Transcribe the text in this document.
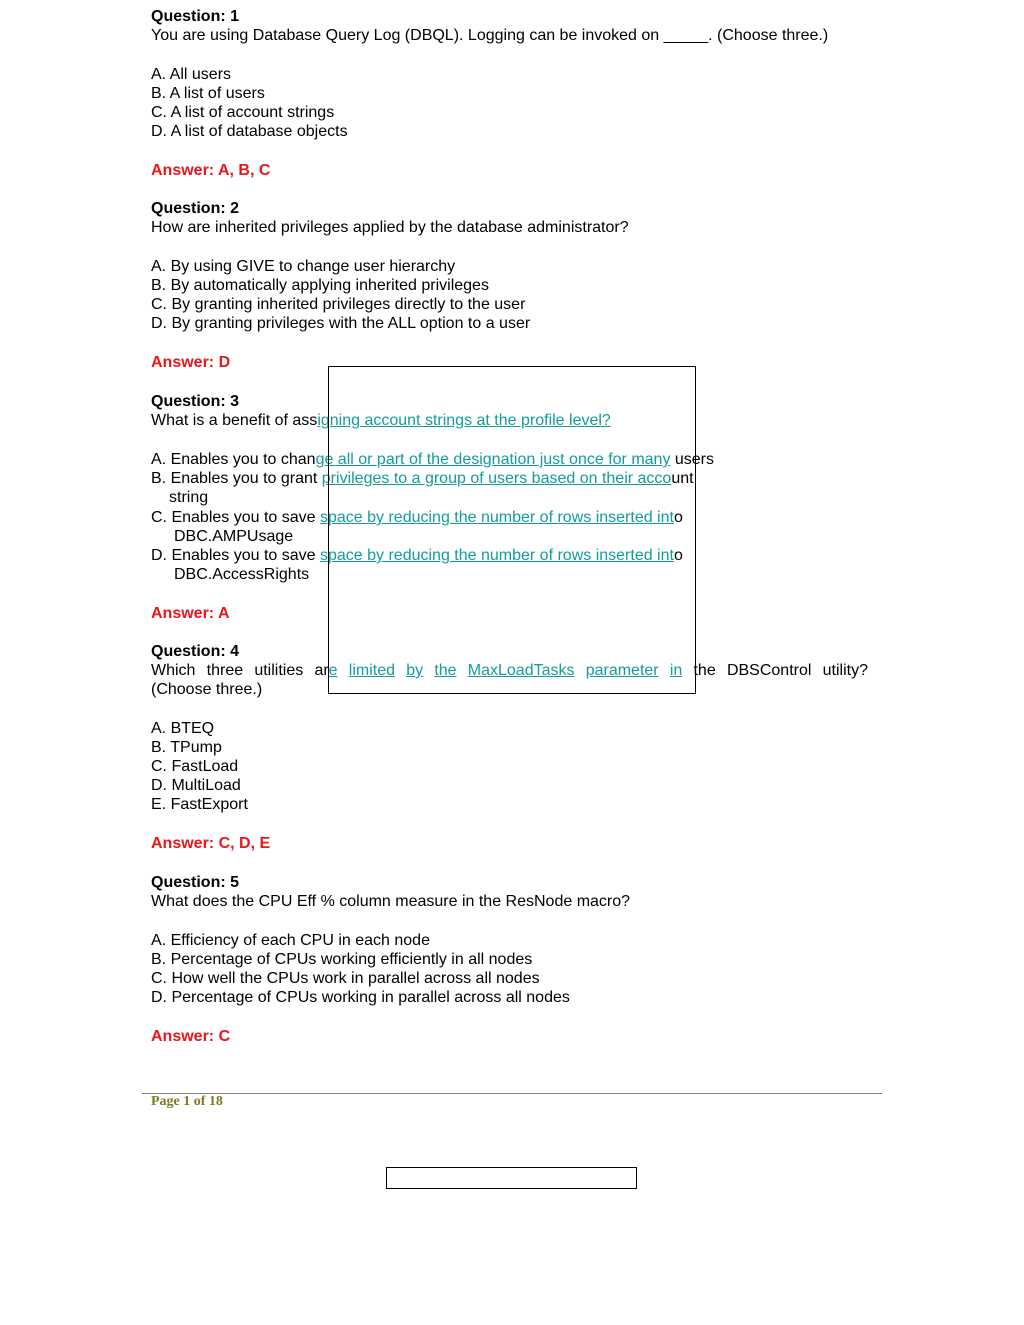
Question: 1
You are using Database Query Log (DBQL). Logging can be invoked on _____. (Choose three.)
A. All users
B. A list of users
C. A list of account strings
D. A list of database objects
Answer: A, B, C
Question: 2
How are inherited privileges applied by the database administrator?
A. By using GIVE to change user hierarchy
B. By automatically applying inherited privileges
C. By granting inherited privileges directly to the user
D. By granting privileges with the ALL option to a user
Answer: D
Question: 3
What is a benefit of assigning account strings at the profile level?
A. Enables you to change all or part of the designation just once for many users
B. Enables you to grant privileges to a group of users based on their account
string
C. Enables you to save space by reducing the number of rows inserted into
DBC.AMPUsage
D. Enables you to save space by reducing the number of rows inserted into
DBC.AccessRights
Answer: A
Question: 4
Which three utilities are limited by the MaxLoadTasks parameter in the DBSControl utility?
(Choose three.)
A. BTEQ
B. TPump
C. FastLoad
D. MultiLoad
E. FastExport
Answer: C, D, E
Question: 5
What does the CPU Eff % column measure in the ResNode macro?
A. Efficiency of each CPU in each node
B. Percentage of CPUs working efficiently in all nodes
C. How well the CPUs work in parallel across all nodes
D. Percentage of CPUs working in parallel across all nodes
Answer: C
Page 1 of 18
